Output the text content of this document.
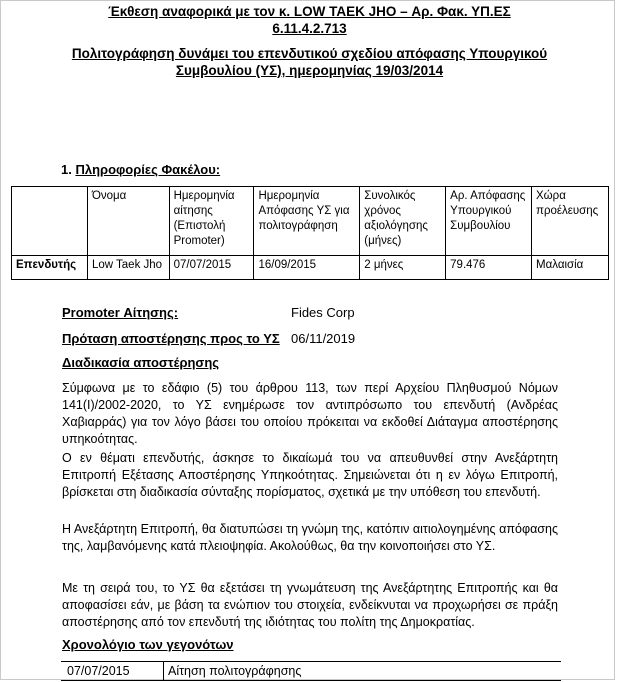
Έκθεση αναφορικά με τον κ. LOW TAEK JHO – Αρ. Φακ. ΥΠ.ΕΣ
6.11.4.2.713
Πολιτογράφηση δυνάμει του επενδυτικού σχεδίου απόφασης Υπουργικού
Συμβουλίου (ΥΣ), ημερομηνίας 19/03/2014
1. Πληροφορίες Φακέλου:
	Όνομα	Ημερομηνία αίτησης (Επιστολή Promoter)	Ημερομηνία Απόφασης ΥΣ για πολιτογράφηση	Συνολικός χρόνος αξιολόγησης (μήνες)	Αρ. Απόφασης Υπουργικού Συμβουλίου	Χώρα προέλευσης
Επενδυτής	Low Taek Jho	07/07/2015	16/09/2015	2 μήνες	79.476	Μαλαισία
Promoter Αίτησης:	Fides Corp
Πρόταση αποστέρησης προς το ΥΣ 06/11/2019
Διαδικασία αποστέρησης

Σύμφωνα με το εδάφιο (5) του άρθρου 113, των περί Αρχείου Πληθυσμού Νόμων 141(Ι)/2002-2020, το ΥΣ ενημέρωσε τον αντιπρόσωπο του επενδυτή (Ανδρέας Χαβιαρράς) για τον λόγο βάσει του οποίου πρόκειται να εκδοθεί Διάταγμα αποστέρησης υπηκοότητας.

Ο εν θέματι επενδυτής, άσκησε το δικαίωμά του να απευθυνθεί στην Ανεξάρτητη Επιτροπή Εξέτασης Αποστέρησης Υπηκοότητας. Σημειώνεται ότι η εν λόγω Επιτροπή, βρίσκεται στη διαδικασία σύνταξης πορίσματος, σχετικά με την υπόθεση του επενδυτή.

Η Ανεξάρτητη Επιτροπή, θα διατυπώσει τη γνώμη της, κατόπιν αιτιολογημένης απόφασης της, λαμβανόμενης κατά πλειοψηφία. Ακολούθως, θα την κοινοποιήσει στο ΥΣ.

Με τη σειρά του, το ΥΣ θα εξετάσει τη γνωμάτευση της Ανεξάρτητης Επιτροπής και θα αποφασίσει εάν, με βάση τα ενώπιον του στοιχεία, ενδείκνυται να προχωρήσει σε πράξη αποστέρησης από τον επενδυτή της ιδιότητας του πολίτη της Δημοκρατίας.

Χρονολόγιο των γεγονότων
07/07/2015	Αίτηση πολιτογράφησης
